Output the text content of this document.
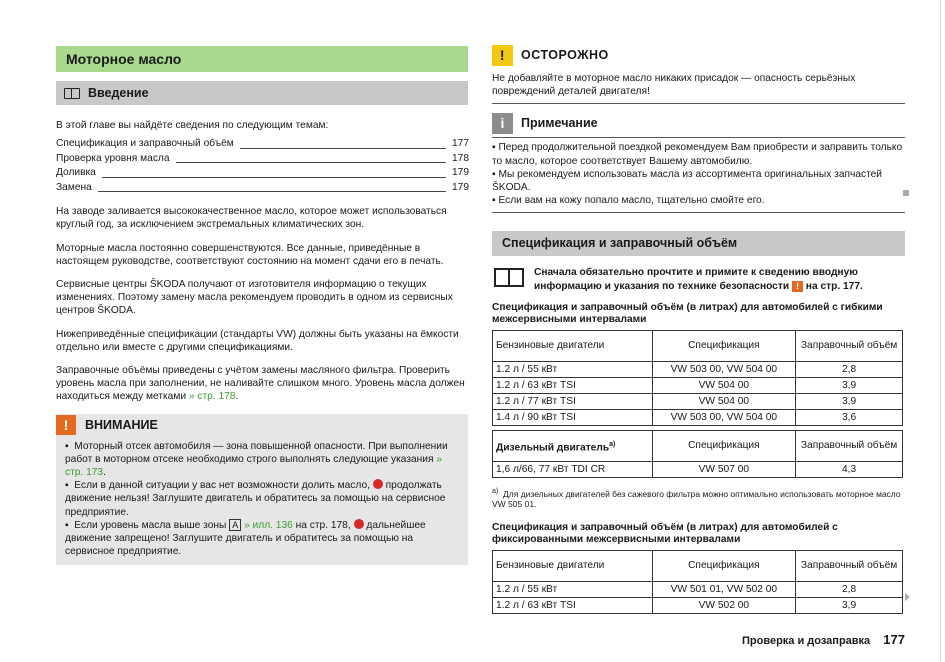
Моторное масло
Введение

В этой главе вы найдёте сведения по следующим темам:

Спецификация и заправочный объём	177
Проверка уровня масла	178
Доливка	179
Замена	179

На заводе заливается высококачественное масло, которое может использоваться круглый год, за исключением экстремальных климатических зон.

Моторные масла постоянно совершенствуются. Все данные, приведённые в настоящем руководстве, соответствуют состоянию на момент сдачи его в печать.

Сервисные центры ŠKODA получают от изготовителя информацию о текущих изменениях. Поэтому замену масла рекомендуем проводить в одном из сервисных центров ŠKODA.

Нижеприведённые спецификации (стандарты VW) должны быть указаны на ёмкости отдельно или вместе с другими спецификациями.

Заправочные объёмы приведены с учётом замены масляного фильтра. Проверить уровень масла при заполнении, не наливайте слишком много. Уровень масла должен находиться между метками » стр. 178.

!	ВНИМАНИЕ

▪ Моторный отсек автомобиля — зона повышенной опасности. При выполнении работ в моторном отсеке необходимо строго выполнять следующие указания » стр. 173.

▪ Если в данной ситуации у вас нет возможности долить масло, продолжать движение нельзя! Заглушите двигатель и обратитесь за помощью на сервисное предприятие.

▪ Если уровень масла выше зоны A » илл. 136 на стр. 178, дальнейшее движение запрещено! Заглушите двигатель и обратитесь за помощью на сервисное предприятие.

!	ОСТОРОЖНО

Не добавляйте в моторное масло никаких присадок — опасность серьёзных повреждений деталей двигателя!

i	Примечание

▪ Перед продолжительной поездкой рекомендуем Вам приобрести и заправить только то масло, которое соответствует Вашему автомобилю.

▪ Мы рекомендуем использовать масла из ассортимента оригинальных запчастей ŠKODA.

▪ Если вам на кожу попало масло, тщательно смойте его.

Спецификация и заправочный объём

Сначала обязательно прочтите и примите к сведению вводную информацию и указания по технике безопасности ! на стр. 177.

Спецификация и заправочный объём (в литрах) для автомобилей с гибкими межсервисными интервалами

Бензиновые двигатели	Спецификация	Заправочный объём
1.2 л / 55 кВт	VW 503 00, VW 504 00	2,8
1.2 л / 63 кВт TSI	VW 504 00	3,9
1.2 л / 77 кВт TSI	VW 504 00	3,9
1.4 л / 90 кВт TSI	VW 503 00, VW 504 00	3,6

Дизельный двигатель$^{a)}$	Спецификация	Заправочный объём
1,6 л/66, 77 кВт TDI CR	VW 507 00	4,3

$^{a)}$ Для дизельных двигателей без сажевого фильтра можно оптимально использовать моторное масло VW 505 01.

Спецификация и заправочный объём (в литрах) для автомобилей с фиксированными межсервисными интервалами

Бензиновые двигатели	Спецификация	Заправочный объём
1.2 л / 55 кВт	VW 501 01, VW 502 00	2,8
1.2 л / 63 кВт TSI	VW 502 00	3,9
Проверка и дозаправка 177
